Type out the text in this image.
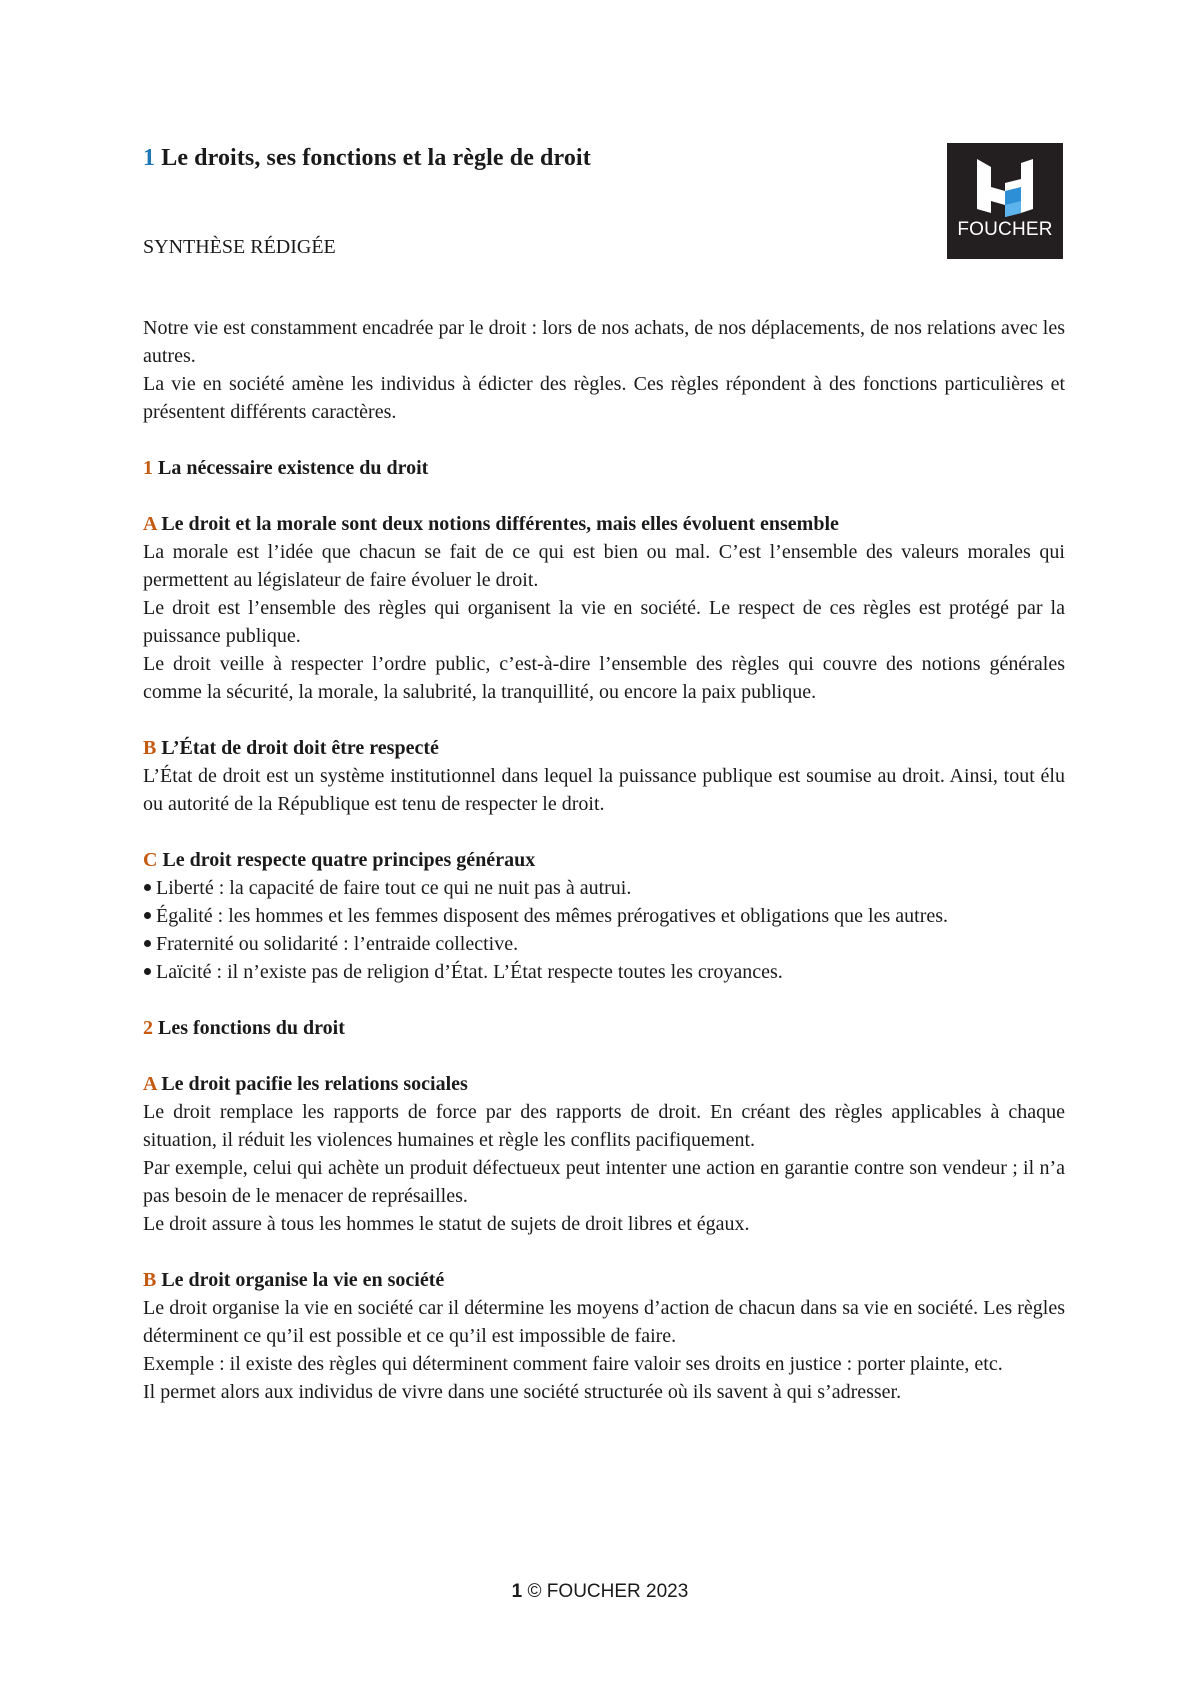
1 Le droits, ses fonctions et la règle de droit

SYNTHÈSE RÉDIGÉE

Notre vie est constamment encadrée par le droit : lors de nos achats, de nos déplacements, de nos relations avec les autres.

La vie en société amène les individus à édicter des règles. Ces règles répondent à des fonctions particulières et présentent différents caractères.

1 La nécessaire existence du droit
A Le droit et la morale sont deux notions différentes, mais elles évoluent ensemble

La morale est l’idée que chacun se fait de ce qui est bien ou mal. C’est l’ensemble des valeurs morales qui permettent au législateur de faire évoluer le droit.

Le droit est l’ensemble des règles qui organisent la vie en société. Le respect de ces règles est protégé par la puissance publique.

Le droit veille à respecter l’ordre public, c’est-à-dire l’ensemble des règles qui couvre des notions générales comme la sécurité, la morale, la salubrité, la tranquillité, ou encore la paix publique.

B L’État de droit doit être respecté

L’État de droit est un système institutionnel dans lequel la puissance publique est soumise au droit. Ainsi, tout élu ou autorité de la République est tenu de respecter le droit.

C Le droit respecte quatre principes généraux

Liberté : la capacité de faire tout ce qui ne nuit pas à autrui.

Égalité : les hommes et les femmes disposent des mêmes prérogatives et obligations que les autres.

Fraternité ou solidarité : l’entraide collective.

Laïcité : il n’existe pas de religion d’État. L’État respecte toutes les croyances.

2 Les fonctions du droit
A Le droit pacifie les relations sociales

Le droit remplace les rapports de force par des rapports de droit. En créant des règles applicables à chaque situation, il réduit les violences humaines et règle les conflits pacifiquement.

Par exemple, celui qui achète un produit défectueux peut intenter une action en garantie contre son vendeur ; il n’a pas besoin de le menacer de représailles.

Le droit assure à tous les hommes le statut de sujets de droit libres et égaux.

B Le droit organise la vie en société

Le droit organise la vie en société car il détermine les moyens d’action de chacun dans sa vie en société. Les règles déterminent ce qu’il est possible et ce qu’il est impossible de faire.

Exemple : il existe des règles qui déterminent comment faire valoir ses droits en justice : porter plainte, etc.

Il permet alors aux individus de vivre dans une société structurée où ils savent à qui s’adresser.

FOUCHER
1 © FOUCHER 2023
